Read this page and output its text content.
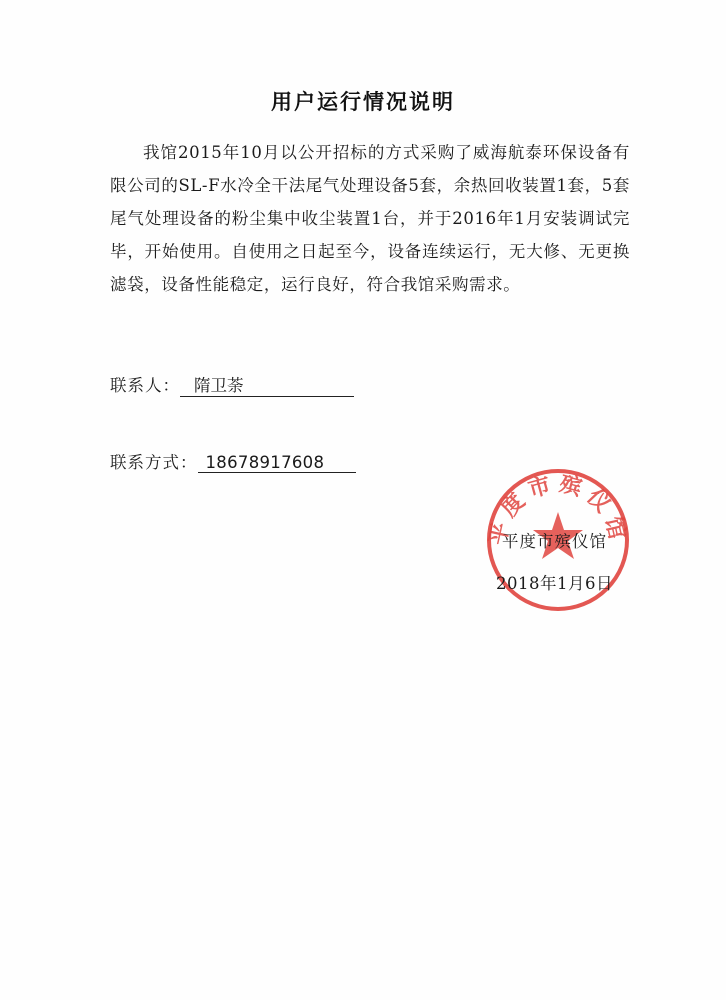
用户运行情况说明
我馆2015年10月以公开招标的方式采购了威海航泰环保设备有限公司的SL-F水冷全干法尾气处理设备5套，余热回收装置1套，5套尾气处理设备的粉尘集中收尘装置1台，并于2016年1月安装调试完毕，开始使用。自使用之日起至今，设备连续运行，无大修、无更换滤袋，设备性能稳定，运行良好，符合我馆采购需求。
联系人： 隋卫荼
联系方式： 18678917608
平度市殡仪馆
平度市殡仪馆
2018年1月6日
